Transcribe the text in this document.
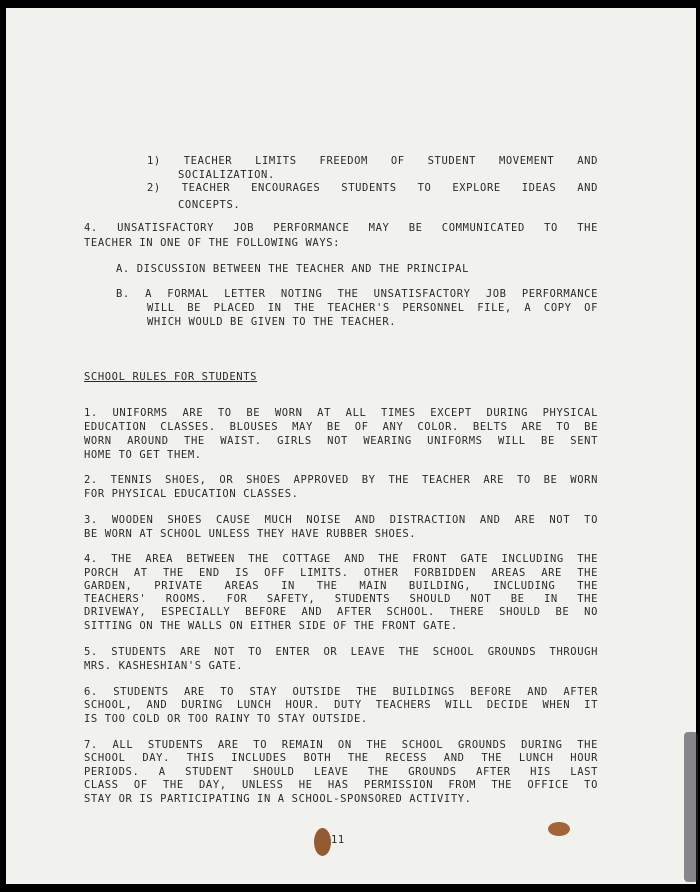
1) TEACHER LIMITS FREEDOM OF STUDENT MOVEMENT AND

SOCIALIZATION.

2) TEACHER ENCOURAGES STUDENTS TO EXPLORE IDEAS AND

CONCEPTS.

4. UNSATISFACTORY JOB PERFORMANCE MAY BE COMMUNICATED TO THE

TEACHER IN ONE OF THE FOLLOWING WAYS:

A. DISCUSSION BETWEEN THE TEACHER AND THE PRINCIPAL

B. A FORMAL LETTER NOTING THE UNSATISFACTORY JOB PERFORMANCE

WILL BE PLACED IN THE TEACHER'S PERSONNEL FILE, A COPY OF

WHICH WOULD BE GIVEN TO THE TEACHER.

SCHOOL RULES FOR STUDENTS

1. UNIFORMS ARE TO BE WORN AT ALL TIMES EXCEPT DURING PHYSICAL

EDUCATION CLASSES. BLOUSES MAY BE OF ANY COLOR. BELTS ARE TO BE

WORN AROUND THE WAIST. GIRLS NOT WEARING UNIFORMS WILL BE SENT

HOME TO GET THEM.

2. TENNIS SHOES, OR SHOES APPROVED BY THE TEACHER ARE TO BE WORN

FOR PHYSICAL EDUCATION CLASSES.

3. WOODEN SHOES CAUSE MUCH NOISE AND DISTRACTION AND ARE NOT TO

BE WORN AT SCHOOL UNLESS THEY HAVE RUBBER SHOES.

4. THE AREA BETWEEN THE COTTAGE AND THE FRONT GATE INCLUDING THE

PORCH AT THE END IS OFF LIMITS. OTHER FORBIDDEN AREAS ARE THE

GARDEN, PRIVATE AREAS IN THE MAIN BUILDING, INCLUDING THE

TEACHERS' ROOMS. FOR SAFETY, STUDENTS SHOULD NOT BE IN THE

DRIVEWAY, ESPECIALLY BEFORE AND AFTER SCHOOL. THERE SHOULD BE NO

SITTING ON THE WALLS ON EITHER SIDE OF THE FRONT GATE.

5. STUDENTS ARE NOT TO ENTER OR LEAVE THE SCHOOL GROUNDS THROUGH

MRS. KASHESHIAN'S GATE.

6. STUDENTS ARE TO STAY OUTSIDE THE BUILDINGS BEFORE AND AFTER

SCHOOL, AND DURING LUNCH HOUR. DUTY TEACHERS WILL DECIDE WHEN IT

IS TOO COLD OR TOO RAINY TO STAY OUTSIDE.

7. ALL STUDENTS ARE TO REMAIN ON THE SCHOOL GROUNDS DURING THE

SCHOOL DAY. THIS INCLUDES BOTH THE RECESS AND THE LUNCH HOUR

PERIODS. A STUDENT SHOULD LEAVE THE GROUNDS AFTER HIS LAST

CLASS OF THE DAY, UNLESS HE HAS PERMISSION FROM THE OFFICE TO

STAY OR IS PARTICIPATING IN A SCHOOL-SPONSORED ACTIVITY.

11
